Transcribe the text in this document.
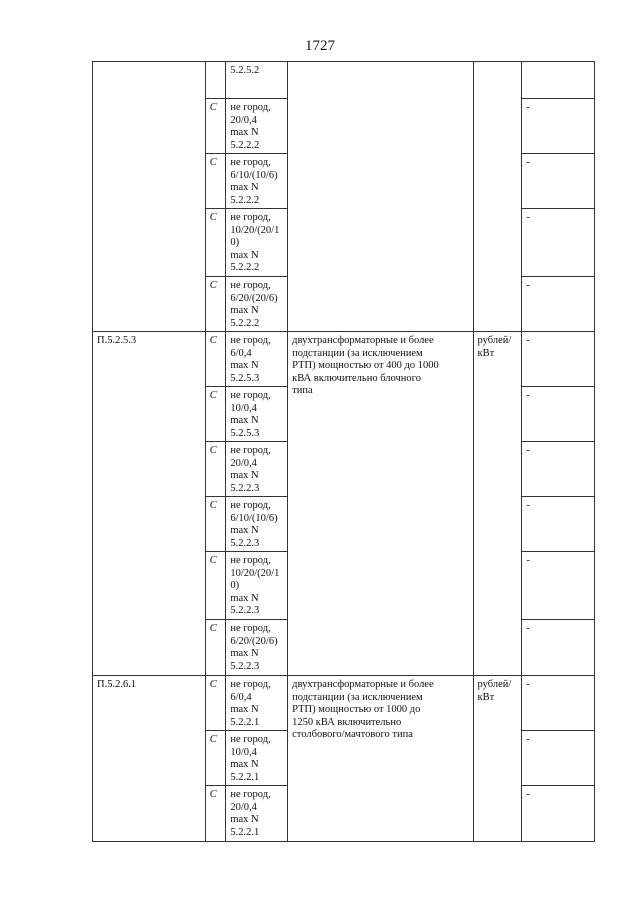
1727

		5.2.5.2			

	C	не город,
20/0,4
max N
5.2.2.2			-

	C	не город,
6/10/(10/6)
max N
5.2.2.2			-

	C	не город,
10/20/(20/1
0)
max N
5.2.2.2			-

	C	не город,
6/20/(20/6)
max N
5.2.2.2			-

П.5.2.5.3	C	не город,
6/0,4
max N
5.2.5.3	двухтрансформаторные и более
подстанции (за исключением
РТП) мощностью от 400 до 1000
кВА включительно блочного
типа	рублей/
кВт	-

	C	не город,
10/0,4
max N
5.2.5.3			-

	C	не город,
20/0,4
max N
5.2.2.3			-

	C	не город,
6/10/(10/6)
max N
5.2.2.3			-

	C	не город,
10/20/(20/1
0)
max N
5.2.2.3			-

	C	не город,
6/20/(20/6)
max N
5.2.2.3			-

П.5.2.6.1	C	не город,
6/0,4
max N
5.2.2.1	двухтрансформаторные и более
подстанции (за исключением
РТП) мощностью от 1000 до
1250 кВА включительно
столбового/мачтового типа	рублей/
кВт	-

	C	не город,
10/0,4
max N
5.2.2.1			-

	C	не город,
20/0,4
max N
5.2.2.1			-
